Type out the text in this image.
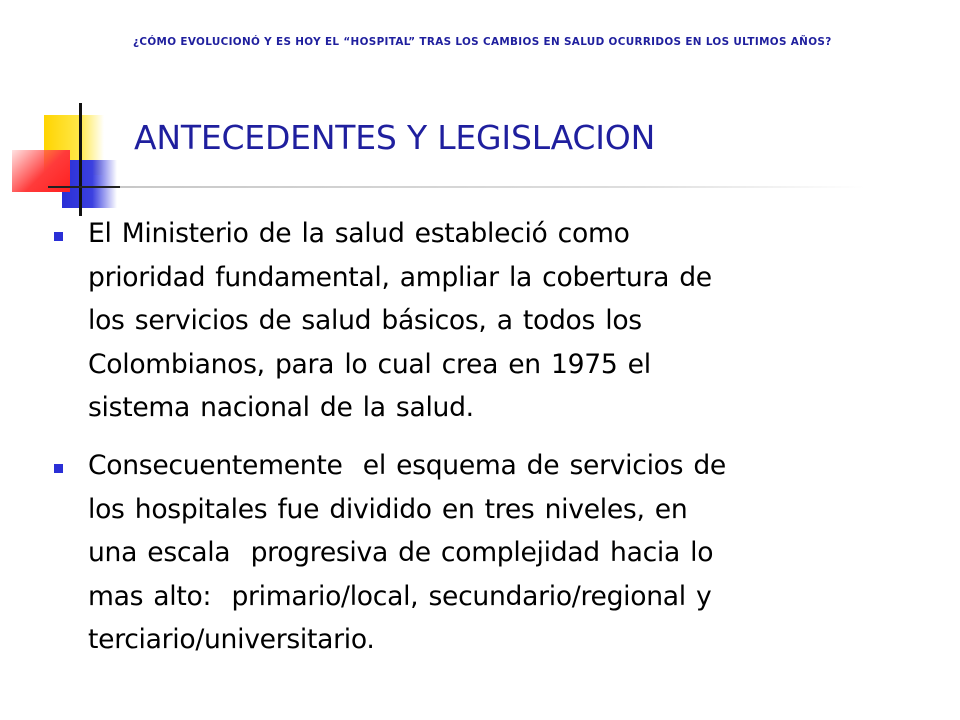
¿CÓMO EVOLUCIONÓ Y ES HOY EL “HOSPITAL” TRAS LOS CAMBIOS EN SALUD OCURRIDOS EN LOS ULTIMOS AÑOS?
ANTECEDENTES Y LEGISLACION
El Ministerio de la salud estableció como
prioridad fundamental, ampliar la cobertura de
los servicios de salud básicos, a todos los
Colombianos, para lo cual crea en 1975 el
sistema nacional de la salud.
Consecuentemente  el esquema de servicios de
los hospitales fue dividido en tres niveles, en
una escala  progresiva de complejidad hacia lo
mas alto:  primario/local, secundario/regional y
terciario/universitario.
